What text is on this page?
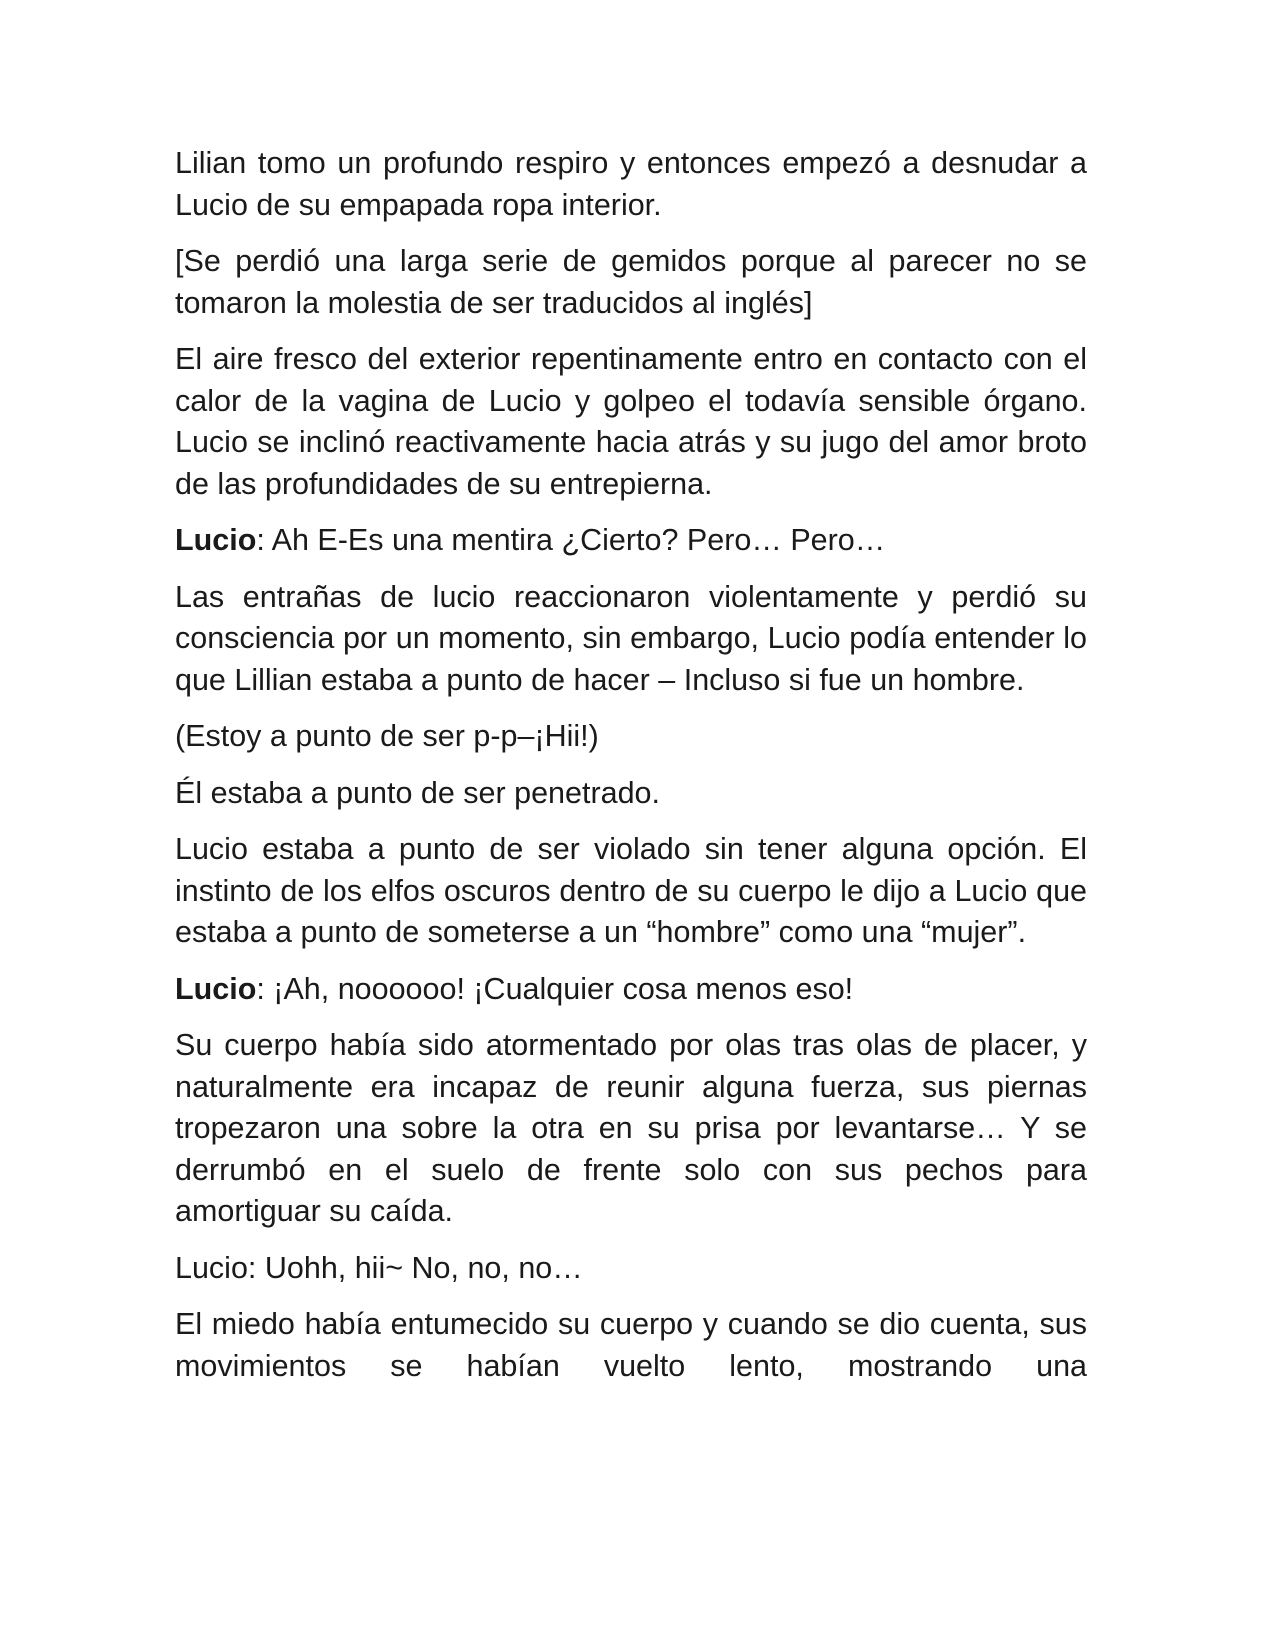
Lilian tomo un profundo respiro y entonces empezó a desnudar a Lucio de su empapada ropa interior.

[Se perdió una larga serie de gemidos porque al parecer no se tomaron la molestia de ser traducidos al inglés]

El aire fresco del exterior repentinamente entro en contacto con el calor de la vagina de Lucio y golpeo el todavía sensible órgano. Lucio se inclinó reactivamente hacia atrás y su jugo del amor broto de las profundidades de su entrepierna.

Lucio: Ah E-Es una mentira ¿Cierto? Pero… Pero…

Las entrañas de lucio reaccionaron violentamente y perdió su consciencia por un momento, sin embargo, Lucio podía entender lo que Lillian estaba a punto de hacer – Incluso si fue un hombre.

(Estoy a punto de ser p-p–¡Hii!)

Él estaba a punto de ser penetrado.

Lucio estaba a punto de ser violado sin tener alguna opción. El instinto de los elfos oscuros dentro de su cuerpo le dijo a Lucio que estaba a punto de someterse a un “hombre” como una “mujer”.

Lucio: ¡Ah, noooooo! ¡Cualquier cosa menos eso!

Su cuerpo había sido atormentado por olas tras olas de placer, y naturalmente era incapaz de reunir alguna fuerza, sus piernas tropezaron una sobre la otra en su prisa por levantarse… Y se derrumbó en el suelo de frente solo con sus pechos para amortiguar su caída.

Lucio: Uohh, hii~ No, no, no…

El miedo había entumecido su cuerpo y cuando se dio cuenta, sus movimientos se habían vuelto lento, mostrando una
